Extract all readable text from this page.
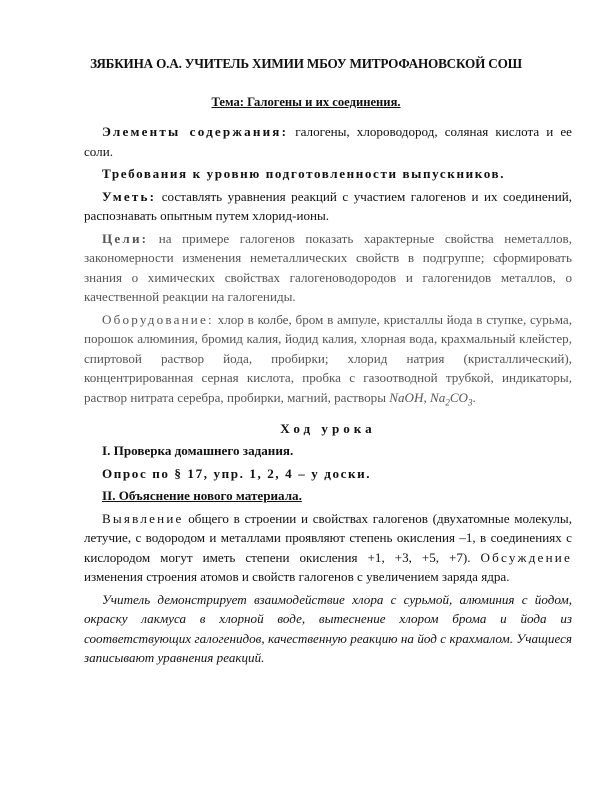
ЗЯБКИНА О.А. УЧИТЕЛЬ ХИМИИ МБОУ МИТРОФАНОВСКОЙ СОШ
Тема: Галогены и их соединения.

Элементы содержания: галогены, хлороводород, соляная кислота и ее соли.

Требования к уровню подготовленности выпускников.

Уметь: составлять уравнения реакций с участием галогенов и их соединений, распознавать опытным путем хлорид-ионы.

Цели: на примере галогенов показать характерные свойства неметаллов, закономерности изменения неметаллических свойств в подгруппе; сформировать знания о химических свойствах галогеноводородов и галогенидов металлов, о качественной реакции на галогениды.

Оборудование: хлор в колбе, бром в ампуле, кристаллы йода в ступке, сурьма, порошок алюминия, бромид калия, йодид калия, хлорная вода, крахмальный клейстер, спиртовой раствор йода, пробирки; хлорид натрия (кристаллический), концентрированная серная кислота, пробка с газоотводной трубкой, индикаторы, раствор нитрата серебра, пробирки, магний, растворы NaOH, $Na_2CO_3$.

Ход урока

I. Проверка домашнего задания.

Опрос по § 17, упр. 1, 2, 4 – у доски.

II. Объяснение нового материала.

Выявление общего в строении и свойствах галогенов (двухатомные молекулы, летучие, с водородом и металлами проявляют степень окисления –1, в соединениях с кислородом могут иметь степени окисления +1, +3, +5, +7). Обсуждение изменения строения атомов и свойств галогенов с увеличением заряда ядра.

Учитель демонстрирует взаимодействие хлора с сурьмой, алюминия с йодом, окраску лакмуса в хлорной воде, вытеснение хлором брома и йода из соответствующих галогенидов, качественную реакцию на йод с крахмалом. Учащиеся записывают уравнения реакций.
